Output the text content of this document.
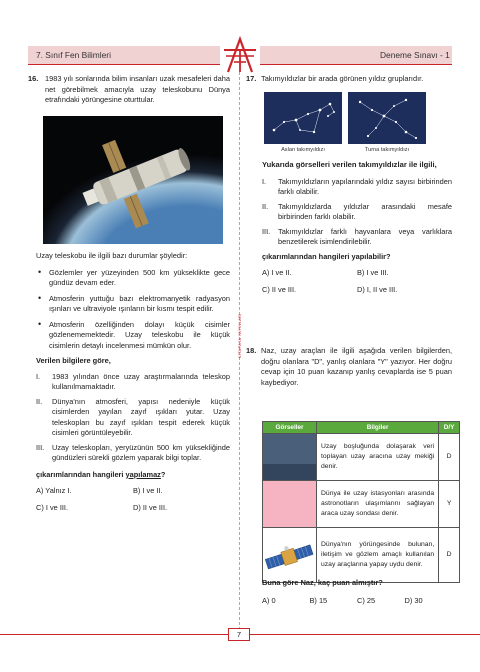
7. Sınıf Fen Bilimleri	Deneme Sınavı - 1
KİTAPAYA YAYINLARI
16. 1983 yılı sonlarında bilim insanları uzak mesafeleri daha net görebilmek amacıyla uzay teleskobunu Dünya etrafındaki yörüngesine oturttular.
Uzay teleskobu ile ilgili bazı durumlar şöyledir:
• Gözlemler yer yüzeyinden 500 km yükseklikte gece gündüz devam eder.
• Atmosferin yuttuğu bazı elektromanyetik radyasyon ışınları ve ultraviyole ışınların bir kısmı tespit edilir.
• Atmosferin özelliğinden dolayı küçük cisimler gözlenememektedir. Uzay teleskobu ile küçük cisimlerin detaylı incelenmesi mümkün olur.
Verilen bilgilere göre,
I. 1983 yılından önce uzay araştırmalarında teleskop kullanılmamaktadır.
II. Dünya'nın atmosferi, yapısı nedeniyle küçük cisimlerden yayılan zayıf ışıkları yutar. Uzay teleskopları bu zayıf ışıkları tespit ederek küçük cisimleri görüntüleyebilir.
III. Uzay teleskopları, yeryüzünün 500 km yüksekliğinde gündüzleri sürekli gözlem yaparak bilgi toplar.
çıkarımlarından hangileri yapılamaz?
A) Yalnız I.	B) I ve II.
C) I ve III.	D) II ve III.
17. Takımyıldızlar bir arada görünen yıldız gruplarıdır.
Aslan takımyıldızı	Turna takımyıldızı
Yukarıda görselleri verilen takımyıldızlar ile ilgili,
I. Takımyıldızların yapılarındaki yıldız sayısı birbirinden farklı olabilir.
II. Takımyıldızlarda yıldızlar arasındaki mesafe birbirinden farklı olabilir.
III. Takımyıldızlar farklı hayvanlara veya varlıklara benzetilerek isimlendirilebilir.
çıkarımlarından hangileri yapılabilir?
A) I ve II.	B) I ve III.
C) II ve III.	D) I, II ve III.
18. Naz, uzay araçları ile ilgili aşağıda verilen bilgilerden, doğru olanlara "D", yanlış olanlara "Y" yazıyor. Her doğru cevap için 10 puan kazanıp yanlış cevaplarda ise 5 puan kaybediyor.
Görseller	Bilgiler	D/Y

	Uzay boşluğunda dolaşarak veri toplayan uzay aracına uzay mekiği denir.	D

	Dünya ile uzay istasyonları arasında astronotların ulaşımlarını sağlayan araca uzay sondası denir.	Y

	Dünya'nın yörüngesinde bulunan, iletişim ve gözlem amaçlı kullanılan uzay araçlarına yapay uydu denir.	D
Buna göre Naz, kaç puan almıştır?
A) 0	B) 15	C) 25	D) 30
7
